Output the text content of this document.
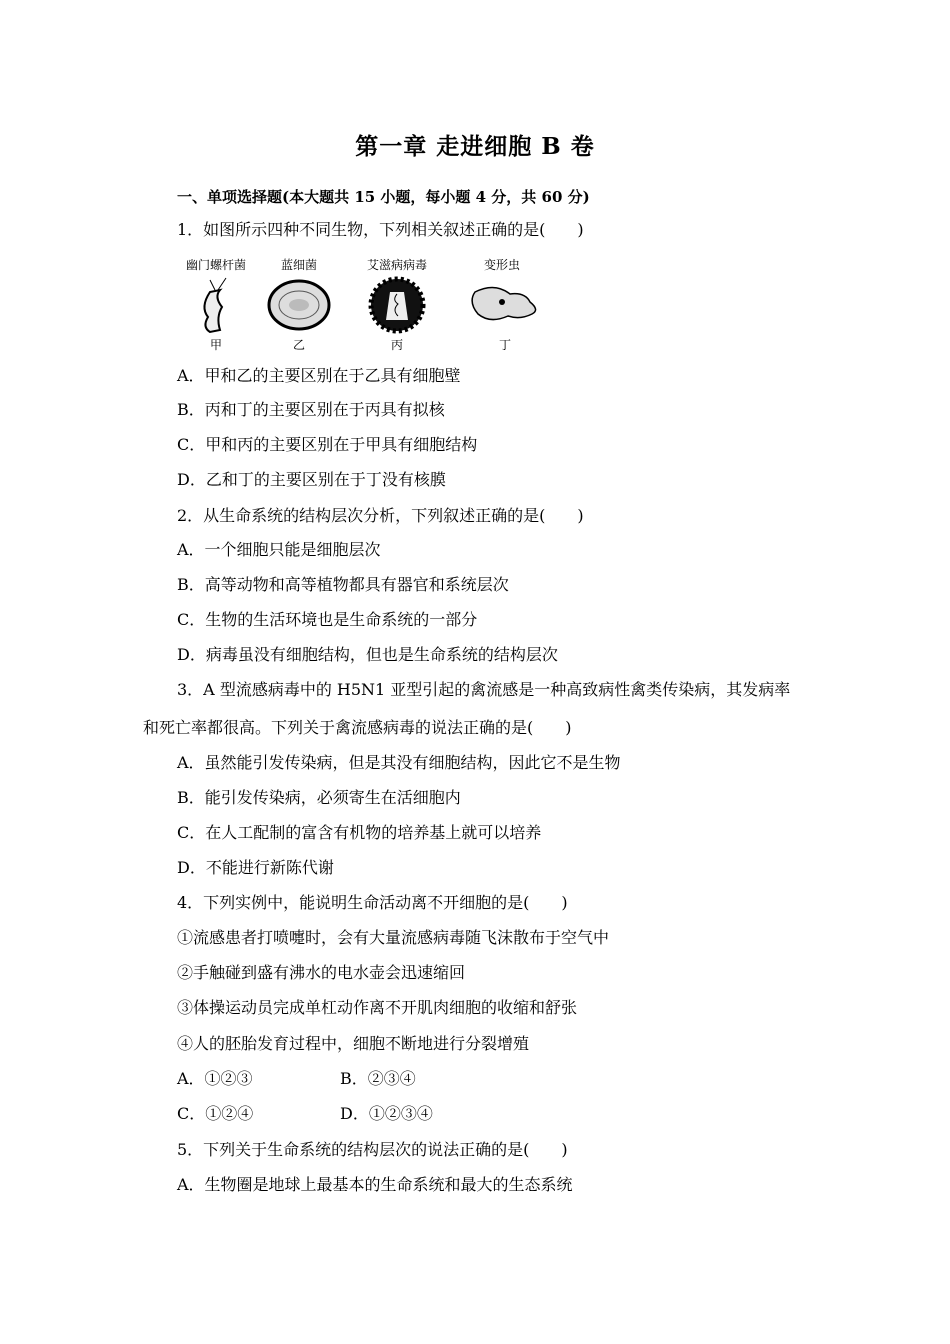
第一章 走进细胞 B 卷
一、单项选择题(本大题共 15 小题，每小题 4 分，共 60 分)
1．如图所示四种不同生物，下列相关叙述正确的是(　　)
幽门螺杆菌	蓝细菌	艾滋病病毒	变形虫
甲	乙	丙	丁
A．甲和乙的主要区别在于乙具有细胞壁
B．丙和丁的主要区别在于丙具有拟核
C．甲和丙的主要区别在于甲具有细胞结构
D．乙和丁的主要区别在于丁没有核膜
2．从生命系统的结构层次分析，下列叙述正确的是(　　)
A．一个细胞只能是细胞层次
B．高等动物和高等植物都具有器官和系统层次
C．生物的生活环境也是生命系统的一部分
D．病毒虽没有细胞结构，但也是生命系统的结构层次
3．A 型流感病毒中的 H5N1 亚型引起的禽流感是一种高致病性禽类传染病，其发病率
和死亡率都很高。下列关于禽流感病毒的说法正确的是(　　)
A．虽然能引发传染病，但是其没有细胞结构，因此它不是生物
B．能引发传染病，必须寄生在活细胞内
C．在人工配制的富含有机物的培养基上就可以培养
D．不能进行新陈代谢
4．下列实例中，能说明生命活动离不开细胞的是(　　)
①流感患者打喷嚏时，会有大量流感病毒随飞沫散布于空气中
②手触碰到盛有沸水的电水壶会迅速缩回
③体操运动员完成单杠动作离不开肌肉细胞的收缩和舒张
④人的胚胎发育过程中，细胞不断地进行分裂增殖
A．①②③	B．②③④
C．①②④	D．①②③④
5．下列关于生命系统的结构层次的说法正确的是(　　)
A．生物圈是地球上最基本的生命系统和最大的生态系统
